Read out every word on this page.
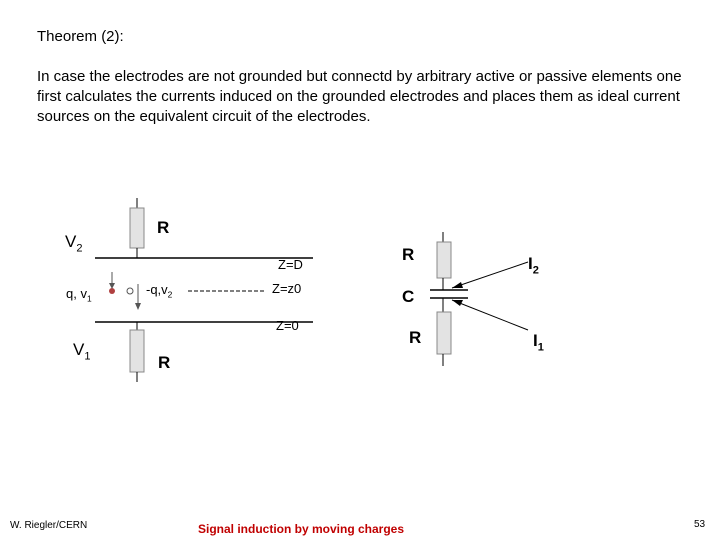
Theorem (2):
In case the electrodes are not grounded but connectd by arbitrary active or passive elements one first calculates the currents induced on the grounded electrodes and places them as ideal current sources on the equivalent circuit of the electrodes.
$V_2$
$V_1$
R
R
q, $v_1$
$-q,v_2$
Z=D
Z=z0
Z=0
R
C
R
$I_2$
$I_1$
W. Riegler/CERN	Signal induction by moving charges	53
